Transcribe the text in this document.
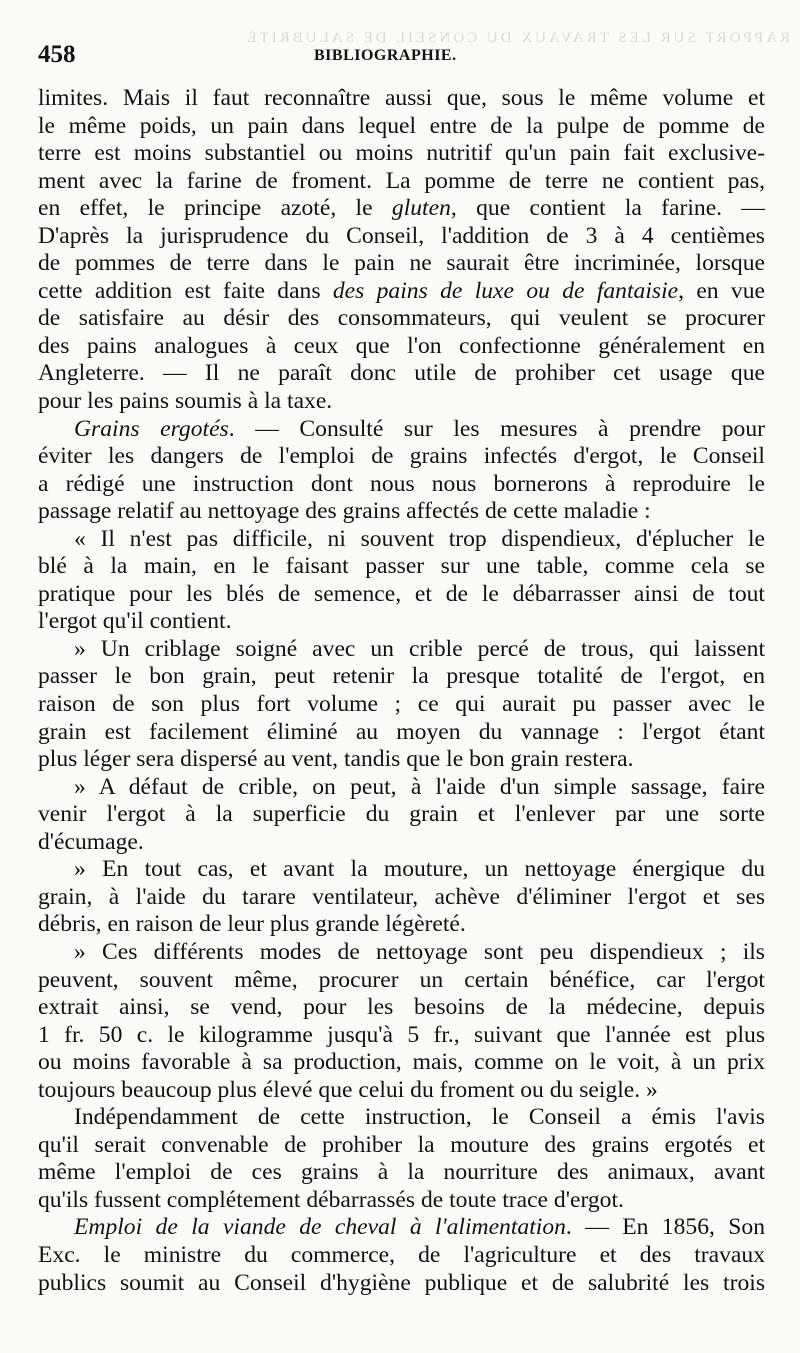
RAPPORT SUR LES TRAVAUX DU CONSEIL DE SALUBRITÉ
458	BIBLIOGRAPHIE.
limites. Mais il faut reconnaître aussi que, sous le même volume et
le même poids, un pain dans lequel entre de la pulpe de pomme de
terre est moins substantiel ou moins nutritif qu'un pain fait exclusive-
ment avec la farine de froment. La pomme de terre ne contient pas,
en effet, le principe azoté, le gluten, que contient la farine. —
D'après la jurisprudence du Conseil, l'addition de 3 à 4 centièmes
de pommes de terre dans le pain ne saurait être incriminée, lorsque
cette addition est faite dans des pains de luxe ou de fantaisie, en vue
de satisfaire au désir des consommateurs, qui veulent se procurer
des pains analogues à ceux que l'on confectionne généralement en
Angleterre. — Il ne paraît donc utile de prohiber cet usage que
pour les pains soumis à la taxe.
Grains ergotés. — Consulté sur les mesures à prendre pour
éviter les dangers de l'emploi de grains infectés d'ergot, le Conseil
a rédigé une instruction dont nous nous bornerons à reproduire le
passage relatif au nettoyage des grains affectés de cette maladie :
« Il n'est pas difficile, ni souvent trop dispendieux, d'éplucher le
blé à la main, en le faisant passer sur une table, comme cela se
pratique pour les blés de semence, et de le débarrasser ainsi de tout
l'ergot qu'il contient.
» Un criblage soigné avec un crible percé de trous, qui laissent
passer le bon grain, peut retenir la presque totalité de l'ergot, en
raison de son plus fort volume ; ce qui aurait pu passer avec le
grain est facilement éliminé au moyen du vannage : l'ergot étant
plus léger sera dispersé au vent, tandis que le bon grain restera.
» A défaut de crible, on peut, à l'aide d'un simple sassage, faire
venir l'ergot à la superficie du grain et l'enlever par une sorte
d'écumage.
» En tout cas, et avant la mouture, un nettoyage énergique du
grain, à l'aide du tarare ventilateur, achève d'éliminer l'ergot et ses
débris, en raison de leur plus grande légèreté.
» Ces différents modes de nettoyage sont peu dispendieux ; ils
peuvent, souvent même, procurer un certain bénéfice, car l'ergot
extrait ainsi, se vend, pour les besoins de la médecine, depuis
1 fr. 50 c. le kilogramme jusqu'à 5 fr., suivant que l'année est plus
ou moins favorable à sa production, mais, comme on le voit, à un prix
toujours beaucoup plus élevé que celui du froment ou du seigle. »
Indépendamment de cette instruction, le Conseil a émis l'avis
qu'il serait convenable de prohiber la mouture des grains ergotés et
même l'emploi de ces grains à la nourriture des animaux, avant
qu'ils fussent complétement débarrassés de toute trace d'ergot.
Emploi de la viande de cheval à l'alimentation. — En 1856, Son
Exc. le ministre du commerce, de l'agriculture et des travaux
publics soumit au Conseil d'hygiène publique et de salubrité les trois
